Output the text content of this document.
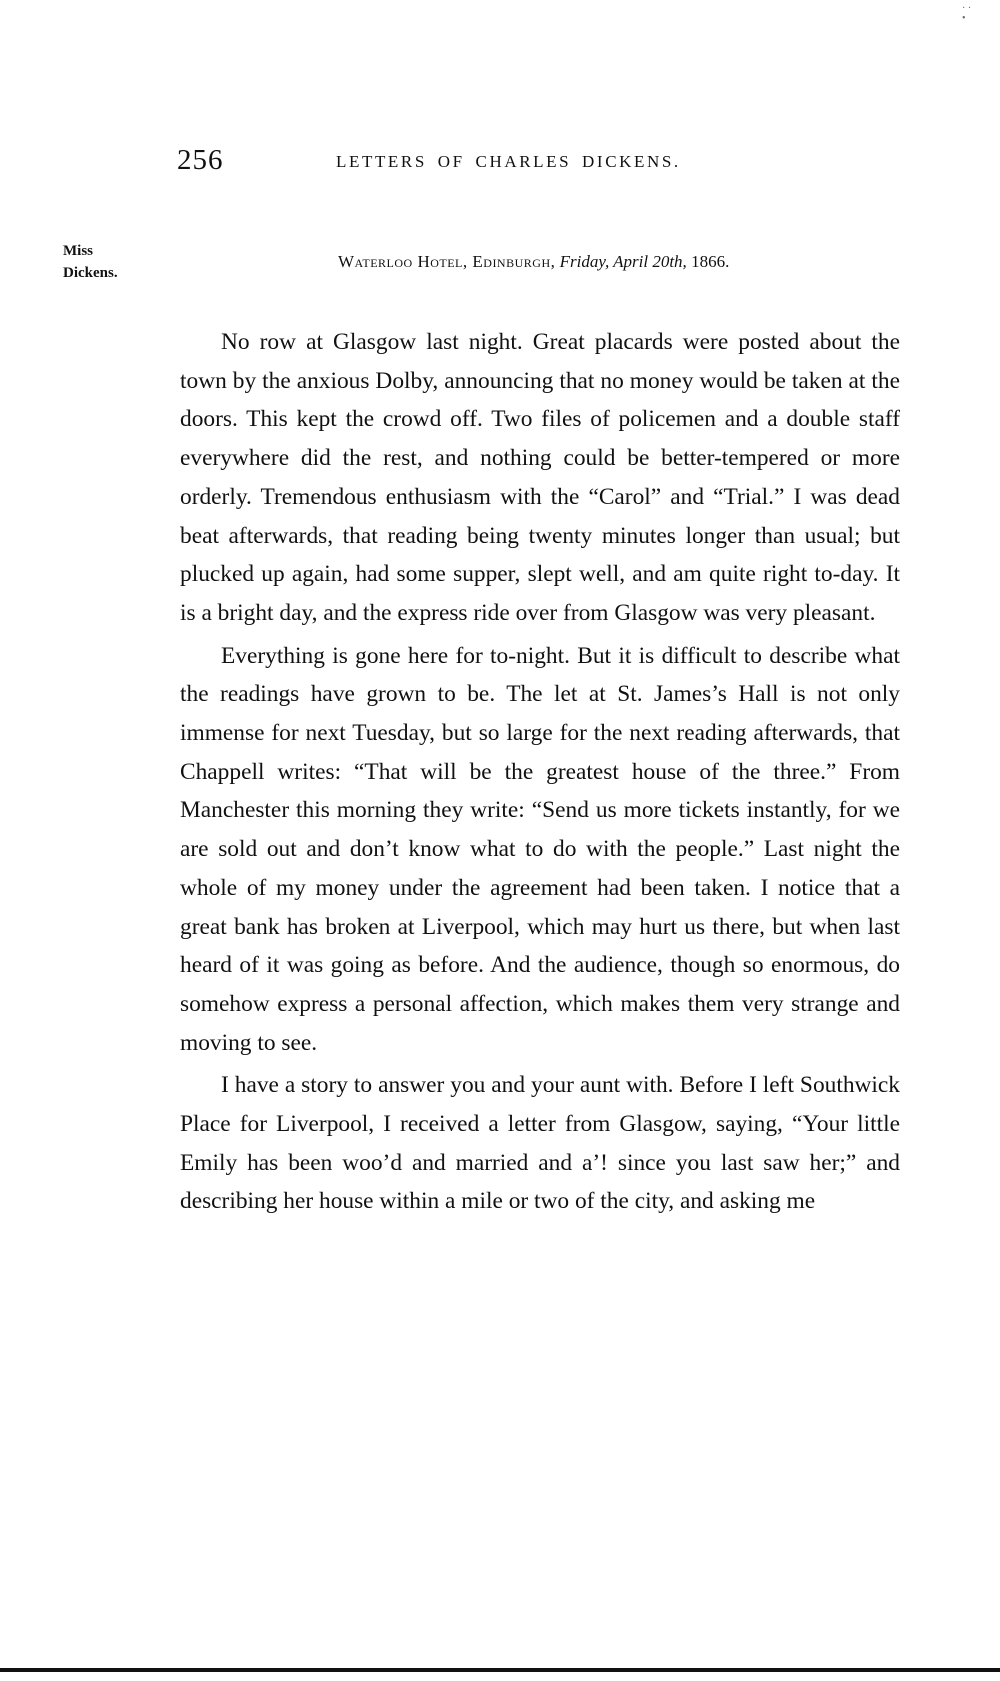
· ·
•
256	LETTERS OF CHARLES DICKENS.
Miss
Dickens.
Waterloo Hotel, Edinburgh, Friday, April 20th, 1866.

No row at Glasgow last night. Great placards were posted about the town by the anxious Dolby, announcing that no money would be taken at the doors. This kept the crowd off. Two files of policemen and a double staff everywhere did the rest, and nothing could be better-tempered or more orderly. Tremendous enthusiasm with the “Carol” and “Trial.” I was dead beat afterwards, that reading being twenty minutes longer than usual; but plucked up again, had some supper, slept well, and am quite right to-day. It is a bright day, and the express ride over from Glasgow was very pleasant.

Everything is gone here for to-night. But it is difficult to describe what the readings have grown to be. The let at St. James’s Hall is not only immense for next Tuesday, but so large for the next reading afterwards, that Chappell writes: “That will be the greatest house of the three.” From Manchester this morning they write: “Send us more tickets instantly, for we are sold out and don’t know what to do with the people.” Last night the whole of my money under the agreement had been taken. I notice that a great bank has broken at Liverpool, which may hurt us there, but when last heard of it was going as before. And the audience, though so enormous, do somehow express a personal affection, which makes them very strange and moving to see.

I have a story to answer you and your aunt with. Before I left Southwick Place for Liverpool, I received a letter from Glasgow, saying, “Your little Emily has been woo’d and married and a’! since you last saw her;” and describing her house within a mile or two of the city, and asking me
